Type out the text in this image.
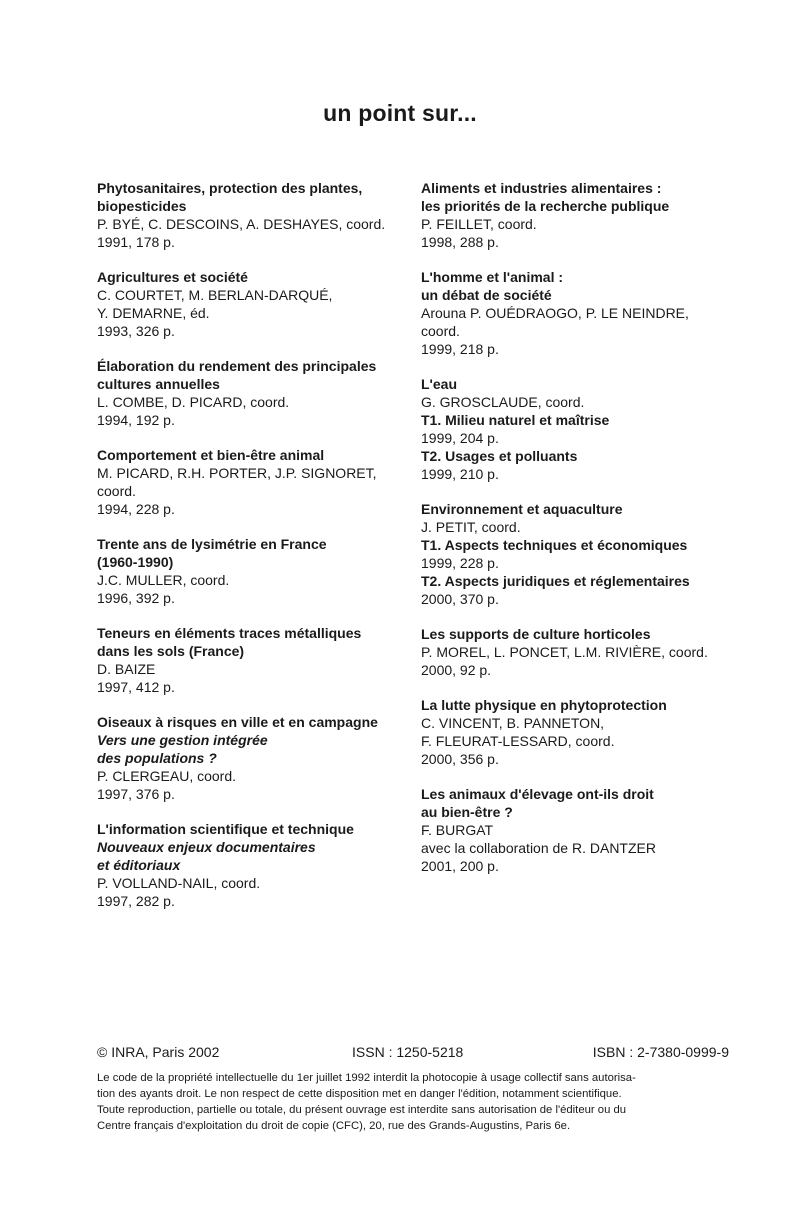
un point sur...
Phytosanitaires, protection des plantes,
biopesticides
P. BYÉ, C. DESCOINS, A. DESHAYES, coord.
1991, 178 p.
Agricultures et société
C. COURTET, M. BERLAN-DARQUÉ,
Y. DEMARNE, éd.
1993, 326 p.
Élaboration du rendement des principales
cultures annuelles
L. COMBE, D. PICARD, coord.
1994, 192 p.
Comportement et bien-être animal
M. PICARD, R.H. PORTER, J.P. SIGNORET,
coord.
1994, 228 p.
Trente ans de lysimétrie en France
(1960-1990)
J.C. MULLER, coord.
1996, 392 p.
Teneurs en éléments traces métalliques
dans les sols (France)
D. BAIZE
1997, 412 p.
Oiseaux à risques en ville et en campagne
Vers une gestion intégrée
des populations ?
P. CLERGEAU, coord.
1997, 376 p.
L'information scientifique et technique
Nouveaux enjeux documentaires
et éditoriaux
P. VOLLAND-NAIL, coord.
1997, 282 p.
Aliments et industries alimentaires :
les priorités de la recherche publique
P. FEILLET, coord.
1998, 288 p.
L'homme et l'animal :
un débat de société
Arouna P. OUÉDRAOGO, P. LE NEINDRE,
coord.
1999, 218 p.
L'eau
G. GROSCLAUDE, coord.
T1. Milieu naturel et maîtrise
1999, 204 p.
T2. Usages et polluants
1999, 210 p.
Environnement et aquaculture
J. PETIT, coord.
T1. Aspects techniques et économiques
1999, 228 p.
T2. Aspects juridiques et réglementaires
2000, 370 p.
Les supports de culture horticoles
P. MOREL, L. PONCET, L.M. RIVIÈRE, coord.
2000, 92 p.
La lutte physique en phytoprotection
C. VINCENT, B. PANNETON,
F. FLEURAT-LESSARD, coord.
2000, 356 p.
Les animaux d'élevage ont-ils droit
au bien-être ?
F. BURGAT
avec la collaboration de R. DANTZER
2001, 200 p.
© INRA, Paris 2002	ISSN : 1250-5218	ISBN : 2-7380-0999-9
Le code de la propriété intellectuelle du 1er juillet 1992 interdit la photocopie à usage collectif sans autorisa-
tion des ayants droit. Le non respect de cette disposition met en danger l'édition, notamment scientifique.
Toute reproduction, partielle ou totale, du présent ouvrage est interdite sans autorisation de l'éditeur ou du
Centre français d'exploitation du droit de copie (CFC), 20, rue des Grands-Augustins, Paris 6e.
